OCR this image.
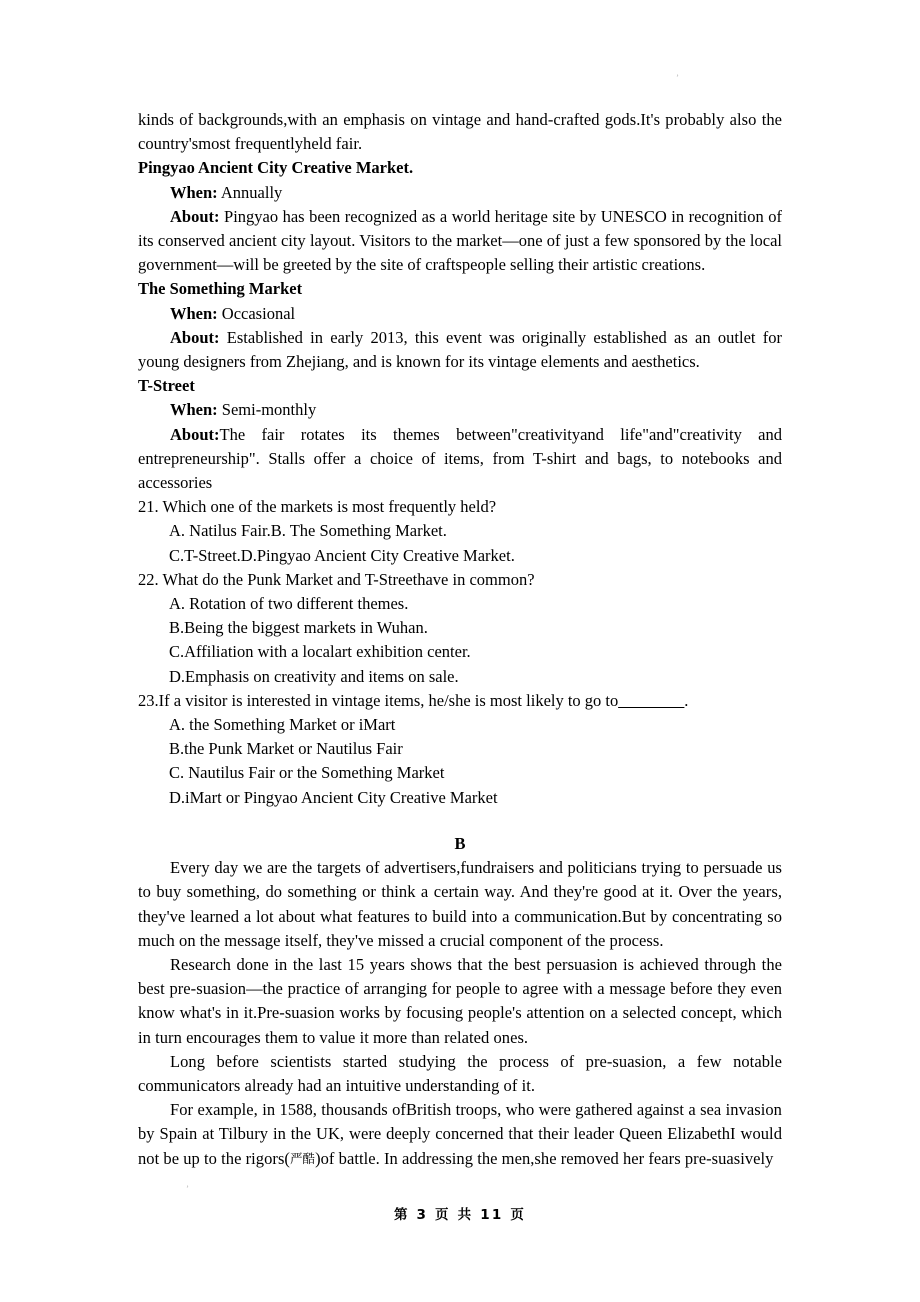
ʼ

kinds of backgrounds,with an emphasis on vintage and hand-crafted gods.It's probably also the country'smost frequentlyheld fair.

Pingyao Ancient City Creative Market.

When: Annually

About: Pingyao has been recognized as a world heritage site by UNESCO in recognition of its conserved ancient city layout. Visitors to the market—one of just a few sponsored by the local government—will be greeted by the site of craftspeople selling their artistic creations.

The Something Market

When: Occasional

About: Established in early 2013, this event was originally established as an outlet for young designers from Zhejiang, and is known for its vintage elements and aesthetics.

T-Street

When: Semi-monthly

About:The fair rotates its themes between"creativityand life"and"creativity and entrepreneurship". Stalls offer a choice of items, from T-shirt and bags, to notebooks and accessories

21. Which one of the markets is most frequently held?

A. Natilus Fair.B. The Something Market.

C.T-Street.D.Pingyao Ancient City Creative Market.

22. What do the Punk Market and T-Streethave in common?

A. Rotation of two different themes.

B.Being the biggest markets in Wuhan.

C.Affiliation with a localart exhibition center.

D.Emphasis on creativity and items on sale.

23.If a visitor is interested in vintage items, he/she is most likely to go to________.

A. the Something Market or iMart

B.the Punk Market or Nautilus Fair

C. Nautilus Fair or the Something Market

D.iMart or Pingyao Ancient City Creative Market

B

Every day we are the targets of advertisers,fundraisers and politicians trying to persuade us to buy something, do something or think a certain way. And they're good at it. Over the years, they've learned a lot about what features to build into a communication.But by concentrating so much on the message itself, they've missed a crucial component of the process.

Research done in the last 15 years shows that the best persuasion is achieved through the best pre-suasion—the practice of arranging for people to agree with a message before they even know what's in it.Pre-suasion works by focusing people's attention on a selected concept, which in turn encourages them to value it more than related ones.

Long before scientists started studying the process of pre-suasion, a few notable communicators already had an intuitive understanding of it.

For example, in 1588, thousands ofBritish troops, who were gathered against a sea invasion by Spain at Tilbury in the UK, were deeply concerned that their leader Queen ElizabethI would not be up to the rigors(严酷)of battle. In addressing the men,she removed her fears pre-suasively

ʼ
第 3 页 共 11 页
